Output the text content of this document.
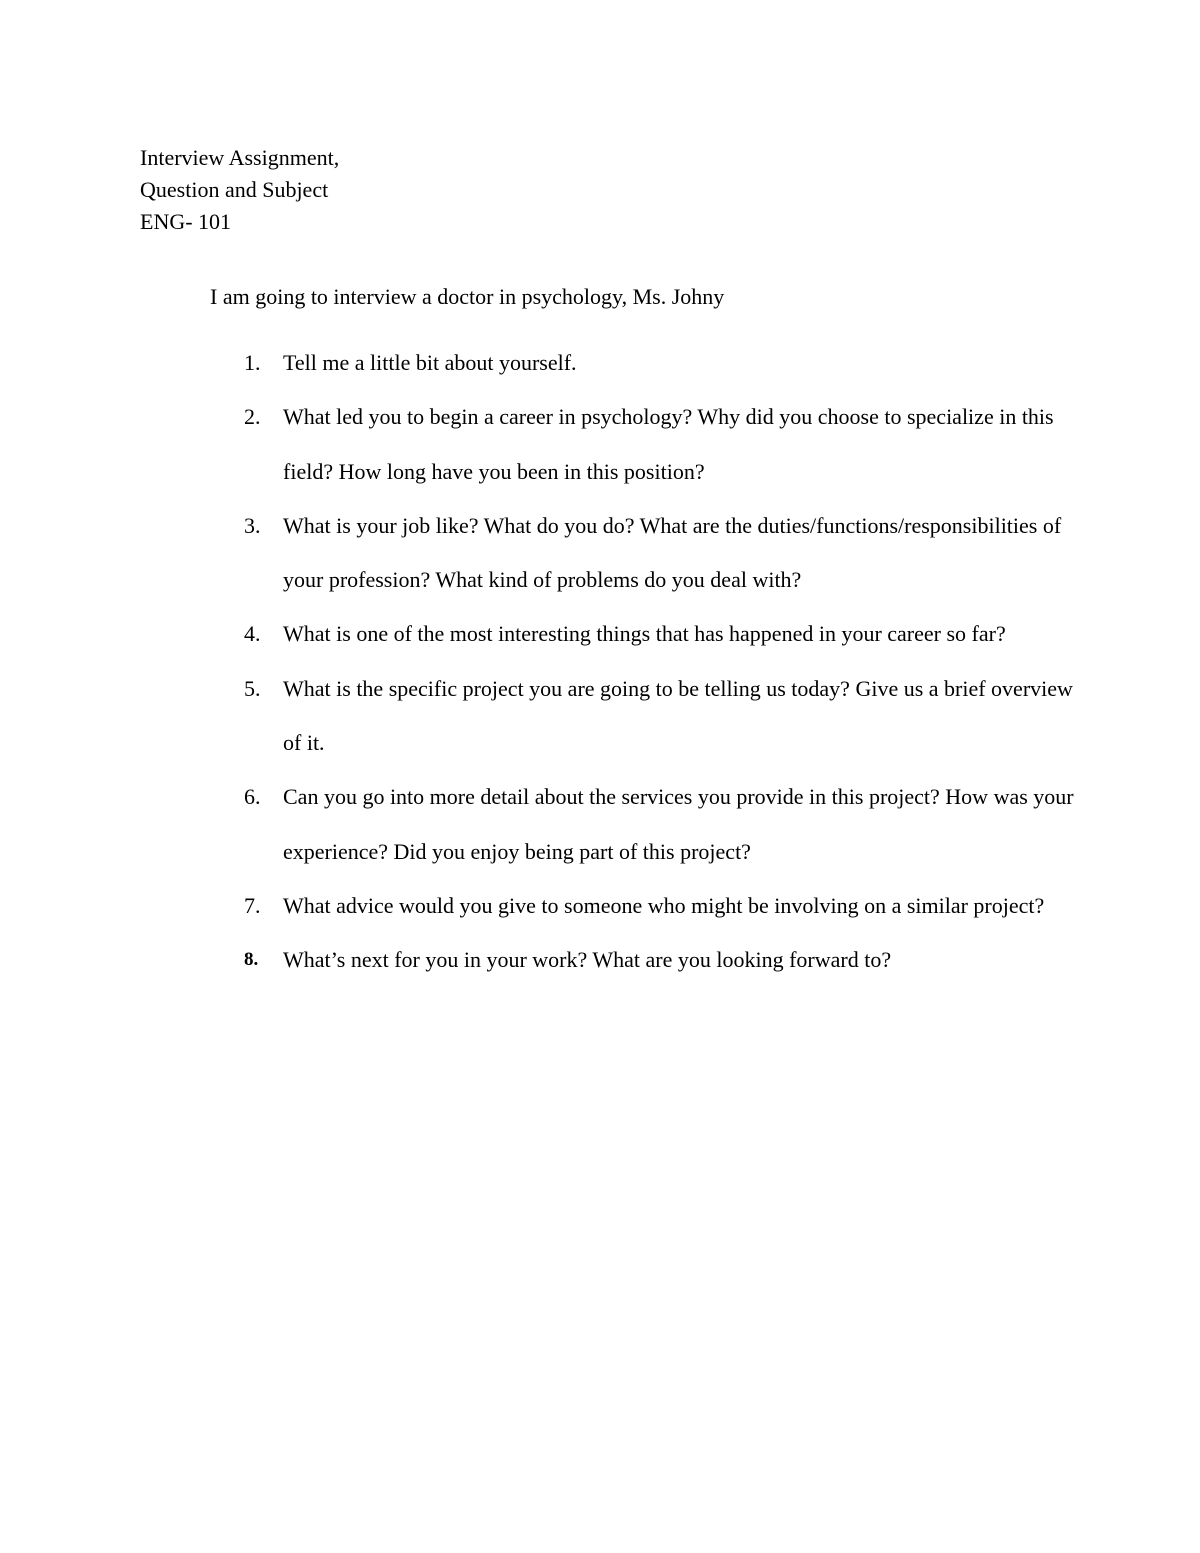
Interview Assignment,
Question and Subject
ENG- 101
I am going to interview a doctor in psychology, Ms. Johny
1. Tell me a little bit about yourself.
2. What led you to begin a career in psychology? Why did you choose to specialize in this field? How long have you been in this position?
3. What is your job like? What do you do? What are the duties/functions/responsibilities of your profession? What kind of problems do you deal with?
4. What is one of the most interesting things that has happened in your career so far?
5. What is the specific project you are going to be telling us today? Give us a brief overview of it.
6. Can you go into more detail about the services you provide in this project? How was your experience? Did you enjoy being part of this project?
7. What advice would you give to someone who might be involving on a similar project?
8. What’s next for you in your work? What are you looking forward to?
